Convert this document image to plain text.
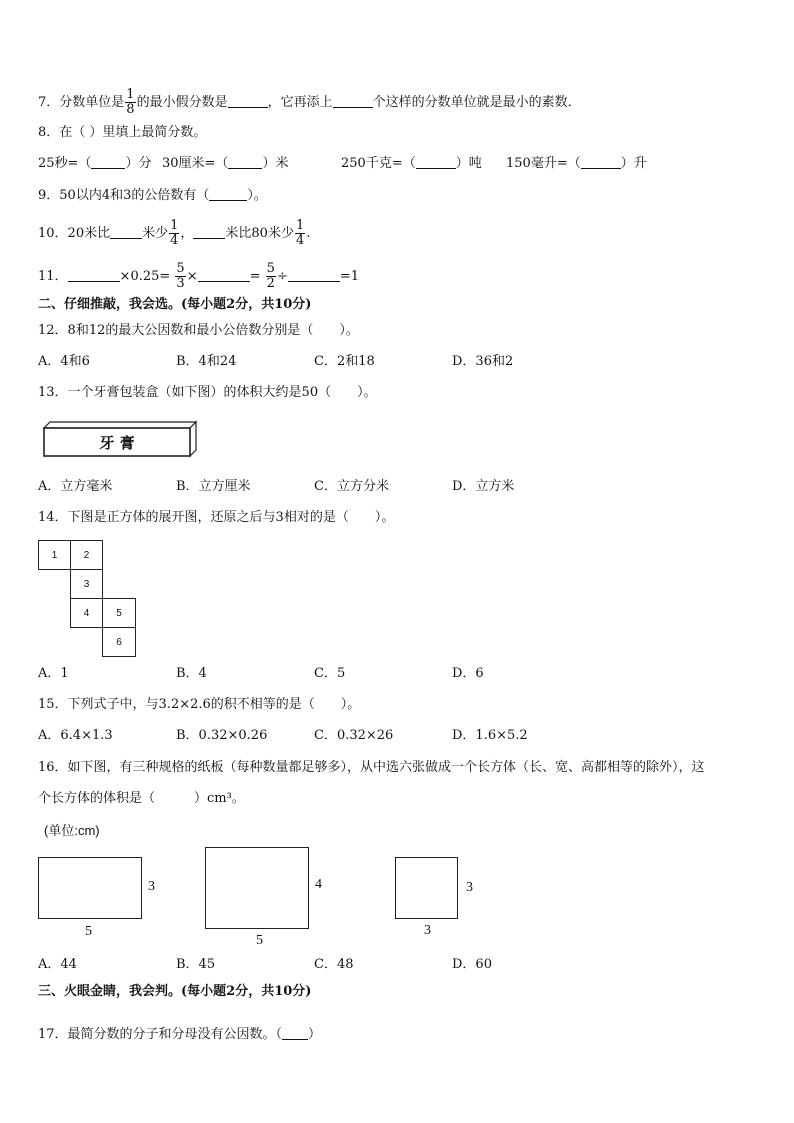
7．分数单位是 $\frac{1}{8}$ 的最小假分数是	，它再添上	个这样的分数单位就是最小的素数．
8．在（ ）里填上最简分数。
25秒=（	）分 30厘米=（	）米	250千克=（	）吨 150毫升=（	）升
9．50以内4和3的公倍数有（	）。
10．20米比 米少 $\frac{1}{4}$ ， 米比80米少 $\frac{1}{4}$ .
11．	$\times 0.25= \frac{5}{3}$ ×	= $\frac{5}{2}$ ÷	=1
二、仔细推敲，我会选。(每小题2分，共10分)
12．8和12的最大公因数和最小公倍数分别是（　　）。
A．4和6	B．4和24	C．2和18	D．36和2
13．一个牙膏包装盒（如下图）的体积大约是50（　　）。
牙 膏
A．立方毫米	B．立方厘米	C．立方分米	D．立方米
14．下图是正方体的展开图，还原之后与3相对的是（　　）。
1	2
3
4	5
6
A．1	B．4	C．5	D．6
15．下列式子中，与3.2×2.6的积不相等的是（　　）。
A．6.4×1.3	B．0.32×0.26	C．0.32×26	D．1.6×5.2
16．如下图，有三种规格的纸板（每种数量都足够多），从中选六张做成一个长方体（长、宽、高都相等的除外），这
个长方体的体积是（　　　）cm³。
(单位:cm)
3
5
4
5
3
3
A．44	B．45	C．48	D．60
三、火眼金睛，我会判。(每小题2分，共10分)
17．最简分数的分子和分母没有公因数。（ ）
